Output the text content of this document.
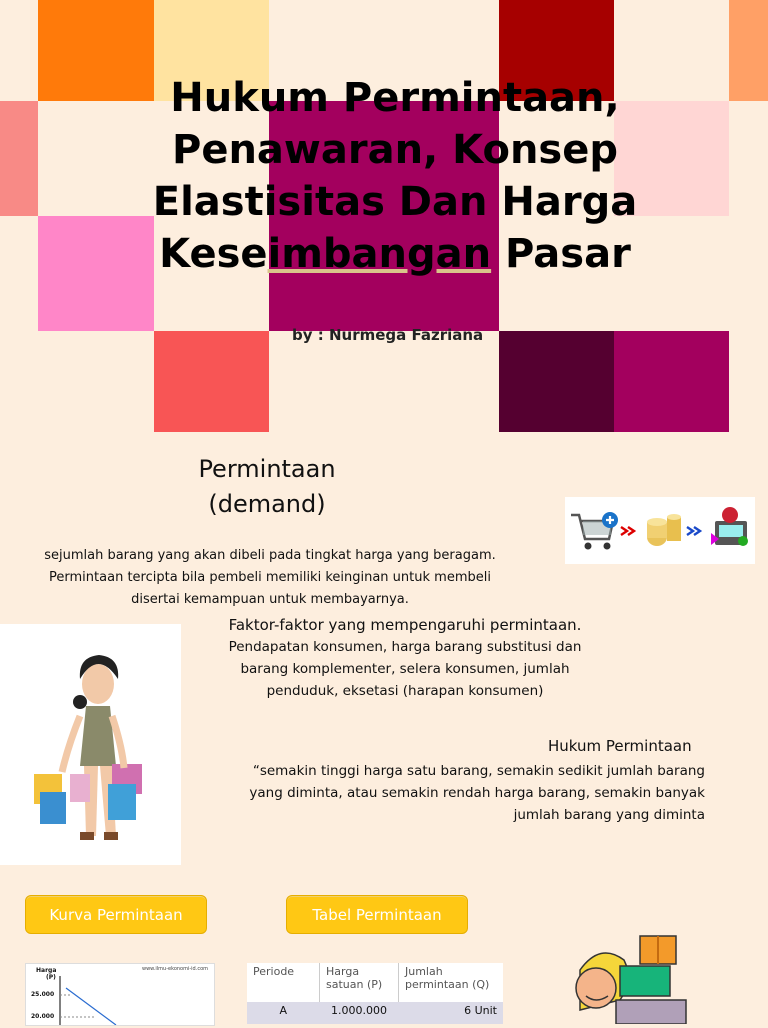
Hukum Permintaan,
Penawaran, Konsep
Elastisitas Dan Harga
Keseimbangan Pasar
by : Nurmega Fazriana
Permintaan
(demand)
sejumlah barang yang akan dibeli pada tingkat harga yang beragam.
Permintaan tercipta bila pembeli memiliki keinginan untuk membeli
disertai kemampuan untuk membayarnya.
Faktor-faktor yang mempengaruhi permintaan.
Pendapatan konsumen, harga barang substitusi dan
barang komplementer, selera konsumen, jumlah
penduduk, eksetasi (harapan konsumen)
Hukum Permintaan
“semakin tinggi harga satu barang, semakin sedikit jumlah barang
yang diminta, atau semakin rendah harga barang, semakin banyak
jumlah barang yang diminta
Kurva Permintaan	Tabel Permintaan
Harga
(P)
www.ilmu-ekonomi-id.com
25.000
20.000
Periode	Harga satuan (P)	Jumlah permintaan (Q)
A	1.000.000	6 Unit
